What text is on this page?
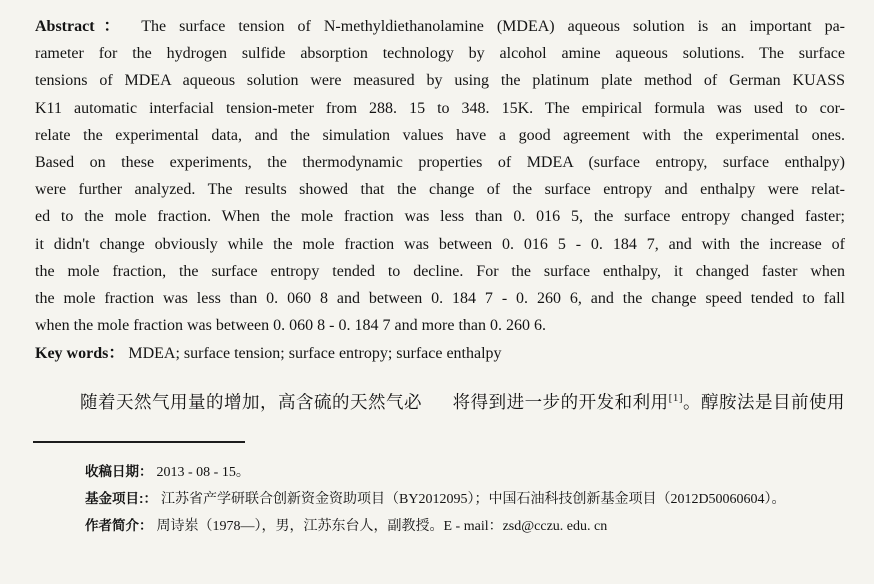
Abstract： The surface tension of N-methyldiethanolamine (MDEA) aqueous solution is an important pa-
rameter for the hydrogen sulfide absorption technology by alcohol amine aqueous solutions. The surface
tensions of MDEA aqueous solution were measured by using the platinum plate method of German KUASS
K11 automatic interfacial tension-meter from 288. 15 to 348. 15K. The empirical formula was used to cor-
relate the experimental data, and the simulation values have a good agreement with the experimental ones.
Based on these experiments, the thermodynamic properties of MDEA (surface entropy, surface enthalpy)
were further analyzed. The results showed that the change of the surface entropy and enthalpy were relat-
ed to the mole fraction. When the mole fraction was less than 0. 016 5, the surface entropy changed faster;
it didn't change obviously while the mole fraction was between 0. 016 5 - 0. 184 7, and with the increase of
the mole fraction, the surface entropy tended to decline. For the surface enthalpy, it changed faster when
the mole fraction was less than 0. 060 8 and between 0. 184 7 - 0. 260 6, and the change speed tended to fall
when the mole fraction was between 0. 060 8 - 0. 184 7 and more than 0. 260 6.
Key words： MDEA; surface tension; surface entropy; surface enthalpy
随着天然气用量的增加，高含硫的天然气必 将得到进一步的开发和利用[1]。醇胺法是目前使用
收稿日期： 2013 - 08 - 15。
基金项目:： 江苏省产学研联合创新资金资助项目（BY2012095）；中国石油科技创新基金项目（2012D50060604）。
作者简介： 周诗岽（1978—），男，江苏东台人，副教授。E - mail：zsd@cczu. edu. cn
